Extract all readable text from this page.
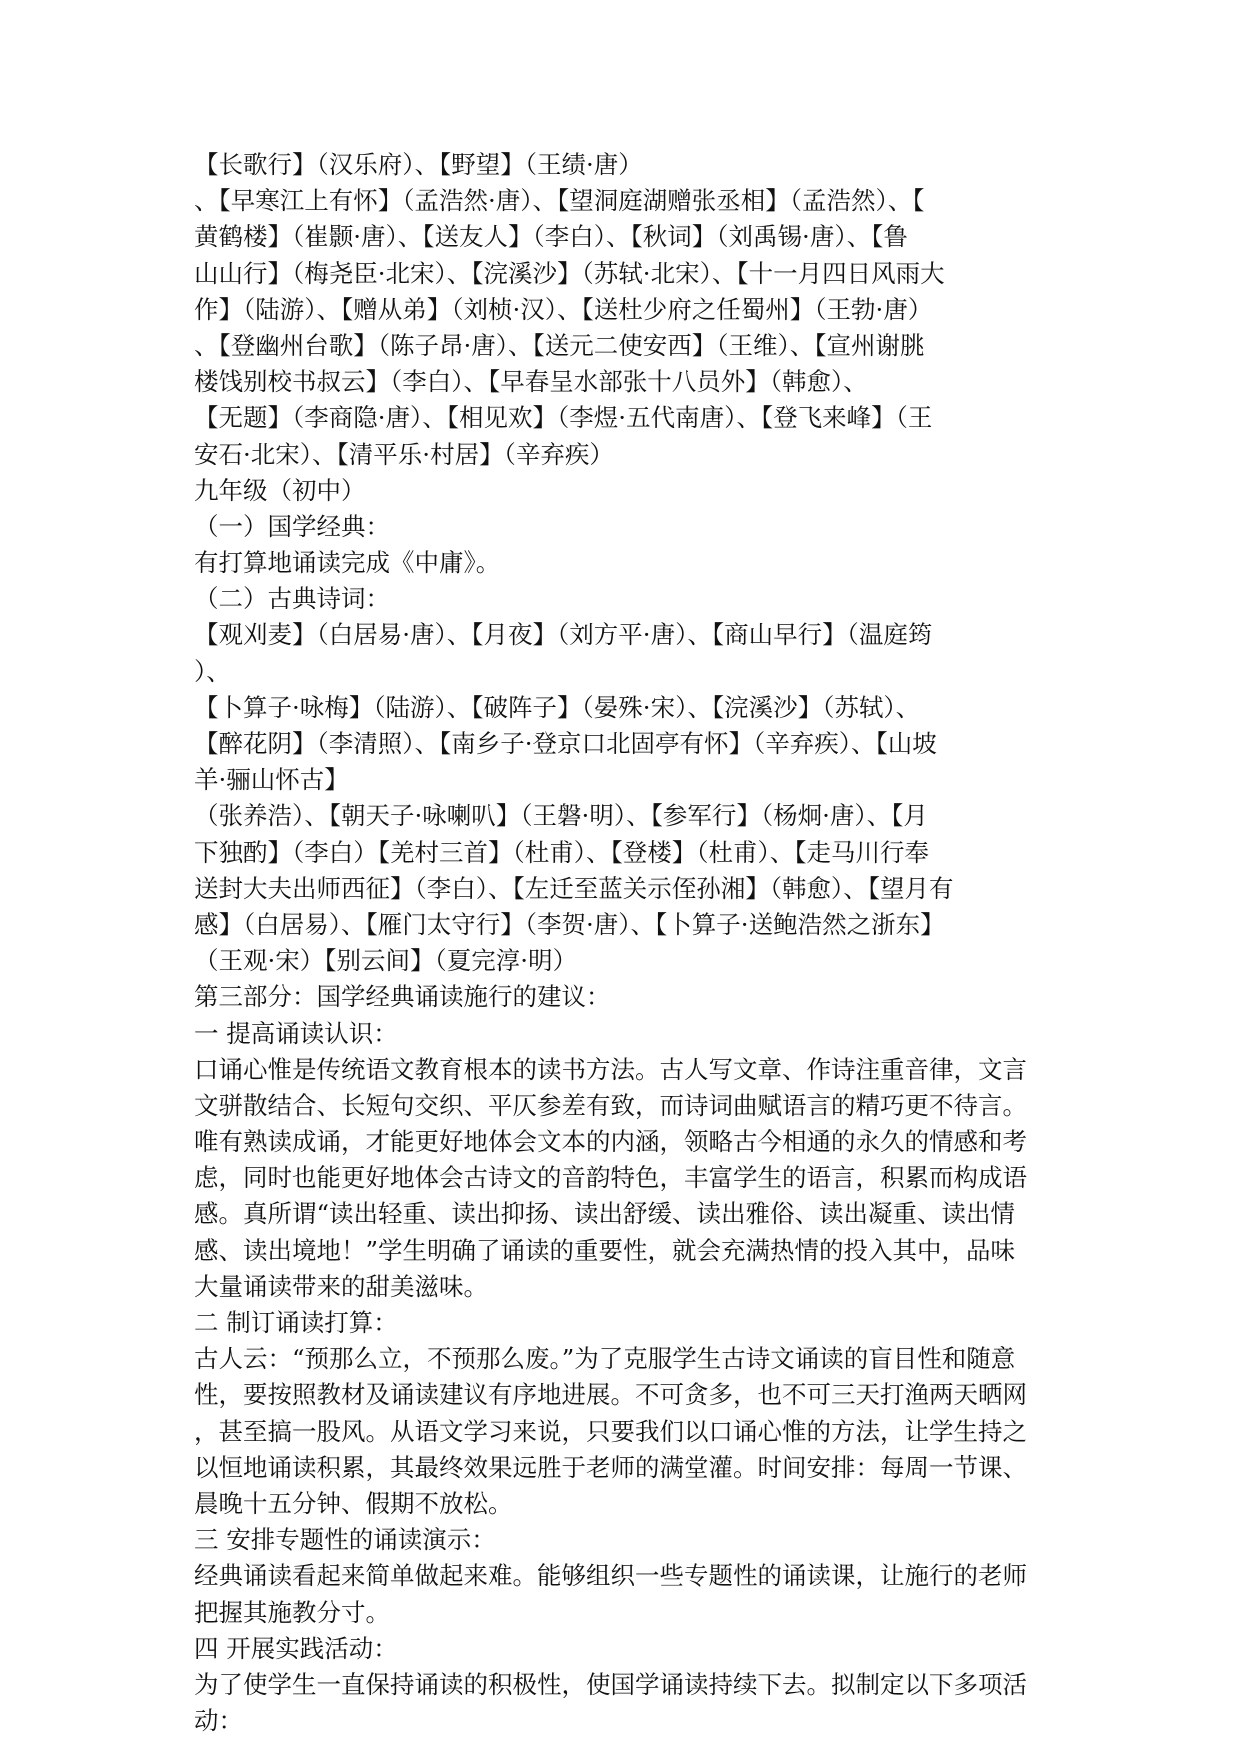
【长歌行】（汉乐府）、【野望】（王绩·唐）
、【早寒江上有怀】（孟浩然·唐）、【望洞庭湖赠张丞相】（孟浩然）、【
黄鹤楼】（崔颢·唐）、【送友人】（李白）、【秋词】（刘禹锡·唐）、【鲁
山山行】（梅尧臣·北宋）、【浣溪沙】（苏轼·北宋）、【十一月四日风雨大
作】（陆游）、【赠从弟】（刘桢·汉）、【送杜少府之任蜀州】（王勃·唐）
、【登幽州台歌】（陈子昂·唐）、【送元二使安西】（王维）、【宣州谢朓
楼饯别校书叔云】（李白）、【早春呈水部张十八员外】（韩愈）、
【无题】（李商隐·唐）、【相见欢】（李煜·五代南唐）、【登飞来峰】（王
安石·北宋）、【清平乐·村居】（辛弃疾）
九年级（初中）
（一）国学经典：
有打算地诵读完成《中庸》。
（二）古典诗词：
【观刈麦】（白居易·唐）、【月夜】（刘方平·唐）、【商山早行】（温庭筠
）、
【卜算子·咏梅】（陆游）、【破阵子】（晏殊·宋）、【浣溪沙】（苏轼）、
【醉花阴】（李清照）、【南乡子·登京口北固亭有怀】（辛弃疾）、【山坡
羊·骊山怀古】
（张养浩）、【朝天子·咏喇叭】（王磐·明）、【参军行】（杨炯·唐）、【月
下独酌】（李白）【羌村三首】（杜甫）、【登楼】（杜甫）、【走马川行奉
送封大夫出师西征】（李白）、【左迁至蓝关示侄孙湘】（韩愈）、【望月有
感】（白居易）、【雁门太守行】（李贺·唐）、【卜算子·送鲍浩然之浙东】
（王观·宋）【别云间】（夏完淳·明）
第三部分：国学经典诵读施行的建议：
一 提高诵读认识：
口诵心惟是传统语文教育根本的读书方法。古人写文章、作诗注重音律，文言
文骈散结合、长短句交织、平仄参差有致，而诗词曲赋语言的精巧更不待言。
唯有熟读成诵，才能更好地体会文本的内涵，领略古今相通的永久的情感和考
虑，同时也能更好地体会古诗文的音韵特色，丰富学生的语言，积累而构成语
感。真所谓“读出轻重、读出抑扬、读出舒缓、读出雅俗、读出凝重、读出情
感、读出境地！”学生明确了诵读的重要性，就会充满热情的投入其中，品味
大量诵读带来的甜美滋味。
二 制订诵读打算：
古人云：“预那么立，不预那么废。”为了克服学生古诗文诵读的盲目性和随意
性，要按照教材及诵读建议有序地进展。不可贪多，也不可三天打渔两天晒网
，甚至搞一股风。从语文学习来说，只要我们以口诵心惟的方法，让学生持之
以恒地诵读积累，其最终效果远胜于老师的满堂灌。时间安排：每周一节课、
晨晚十五分钟、假期不放松。
三 安排专题性的诵读演示：
经典诵读看起来简单做起来难。能够组织一些专题性的诵读课，让施行的老师
把握其施教分寸。
四 开展实践活动：
为了使学生一直保持诵读的积极性，使国学诵读持续下去。拟制定以下多项活
动：
